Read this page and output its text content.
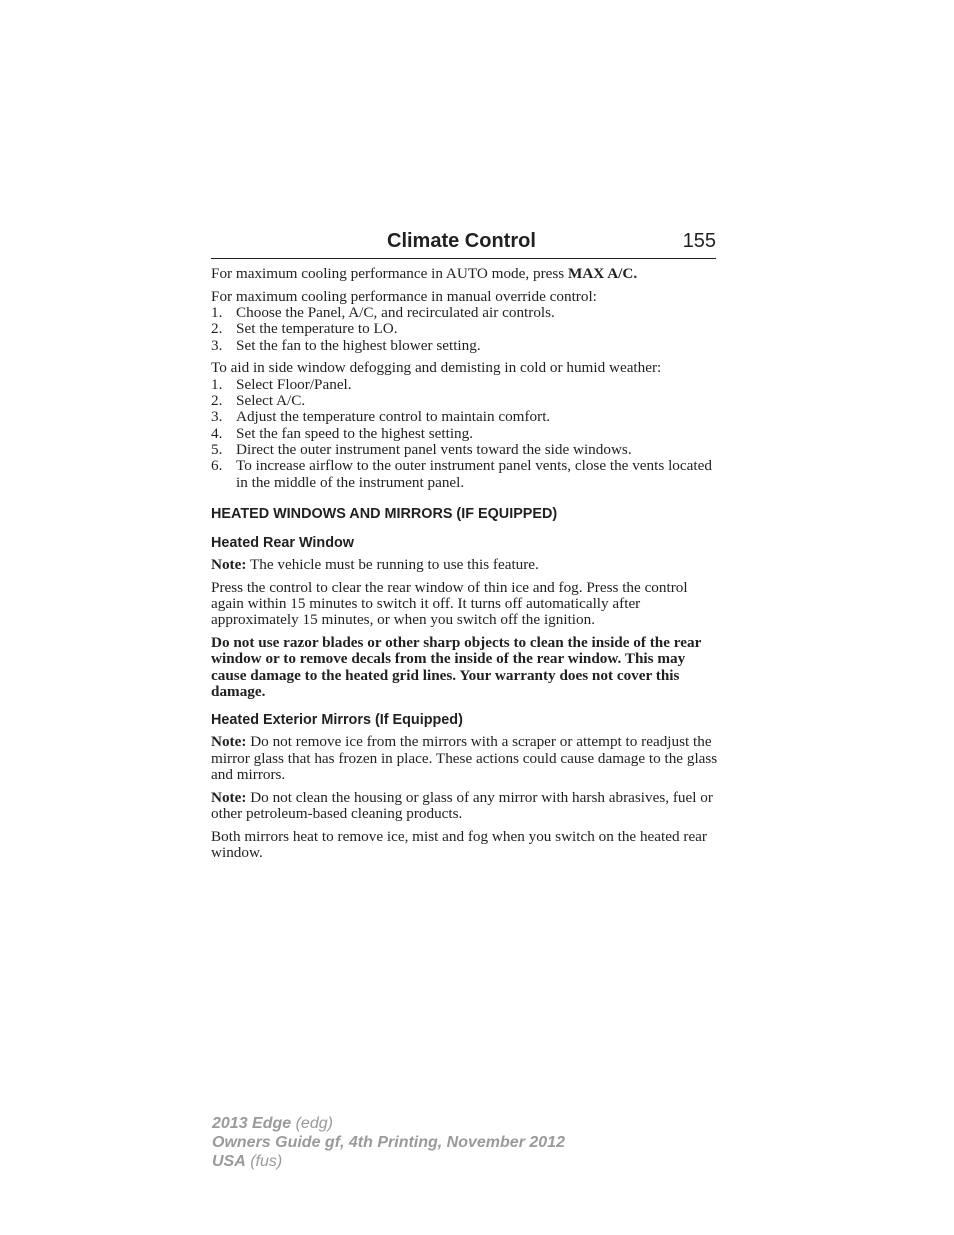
Climate Control	155

For maximum cooling performance in AUTO mode, press MAX A/C.

For maximum cooling performance in manual override control:

1. Choose the Panel, A/C, and recirculated air controls.
2. Set the temperature to LO.
3. Set the fan to the highest blower setting.

To aid in side window defogging and demisting in cold or humid weather:

1. Select Floor/Panel.
2. Select A/C.
3. Adjust the temperature control to maintain comfort.
4. Set the fan speed to the highest setting.
5. Direct the outer instrument panel vents toward the side windows.
6. To increase airflow to the outer instrument panel vents, close the vents located in the middle of the instrument panel.
HEATED WINDOWS AND MIRRORS (IF EQUIPPED)
Heated Rear Window

Note: The vehicle must be running to use this feature.

Press the control to clear the rear window of thin ice and fog. Press the control again within 15 minutes to switch it off. It turns off automatically after approximately 15 minutes, or when you switch off the ignition.

Do not use razor blades or other sharp objects to clean the inside of the rear window or to remove decals from the inside of the rear window. This may cause damage to the heated grid lines. Your warranty does not cover this damage.

Heated Exterior Mirrors (If Equipped)

Note: Do not remove ice from the mirrors with a scraper or attempt to readjust the mirror glass that has frozen in place. These actions could cause damage to the glass and mirrors.

Note: Do not clean the housing or glass of any mirror with harsh abrasives, fuel or other petroleum-based cleaning products.

Both mirrors heat to remove ice, mist and fog when you switch on the heated rear window.

2013 Edge (edg)
Owners Guide gf, 4th Printing, November 2012
USA (fus)
